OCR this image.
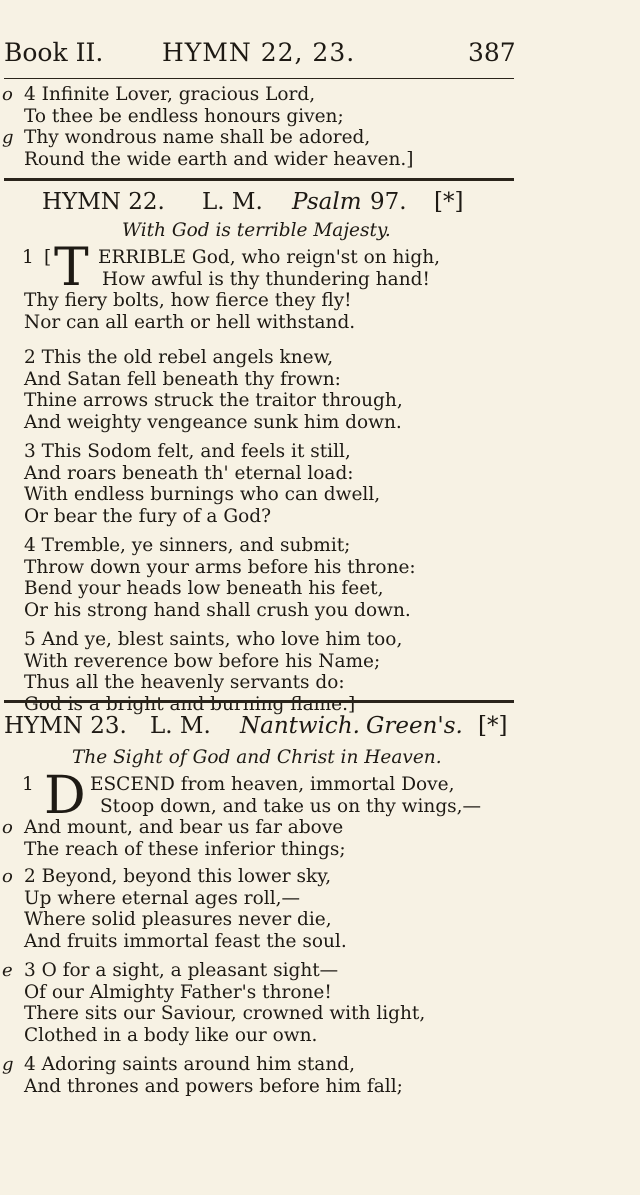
Book II. HYMN 22, 23.	387
o 4 Infinite Lover, gracious Lord,
To thee be endless honours given;
g Thy wondrous name shall be adored,
Round the wide earth and wider heaven.]
HYMN 22. L. M. Psalm 97. [*]
With God is terrible Majesty.
1 [ T ERRIBLE God, who reign'st on high,
How awful is thy thundering hand!
Thy fiery bolts, how fierce they fly!
Nor can all earth or hell withstand.
2 This the old rebel angels knew,
And Satan fell beneath thy frown:
Thine arrows struck the traitor through,
And weighty vengeance sunk him down.
3 This Sodom felt, and feels it still,
And roars beneath th' eternal load:
With endless burnings who can dwell,
Or bear the fury of a God?
4 Tremble, ye sinners, and submit;
Throw down your arms before his throne:
Bend your heads low beneath his feet,
Or his strong hand shall crush you down.
5 And ye, blest saints, who love him too,
With reverence bow before his Name;
Thus all the heavenly servants do:
God is a bright and burning flame.]
HYMN 23. L. M. Nantwich. Green's. [*]
The Sight of God and Christ in Heaven.
1 D ESCEND from heaven, immortal Dove,
Stoop down, and take us on thy wings,—
o And mount, and bear us far above
The reach of these inferior things;
o 2 Beyond, beyond this lower sky,
Up where eternal ages roll,—
Where solid pleasures never die,
And fruits immortal feast the soul.
e 3 O for a sight, a pleasant sight—
Of our Almighty Father's throne!
There sits our Saviour, crowned with light,
Clothed in a body like our own.
g 4 Adoring saints around him stand,
And thrones and powers before him fall;
